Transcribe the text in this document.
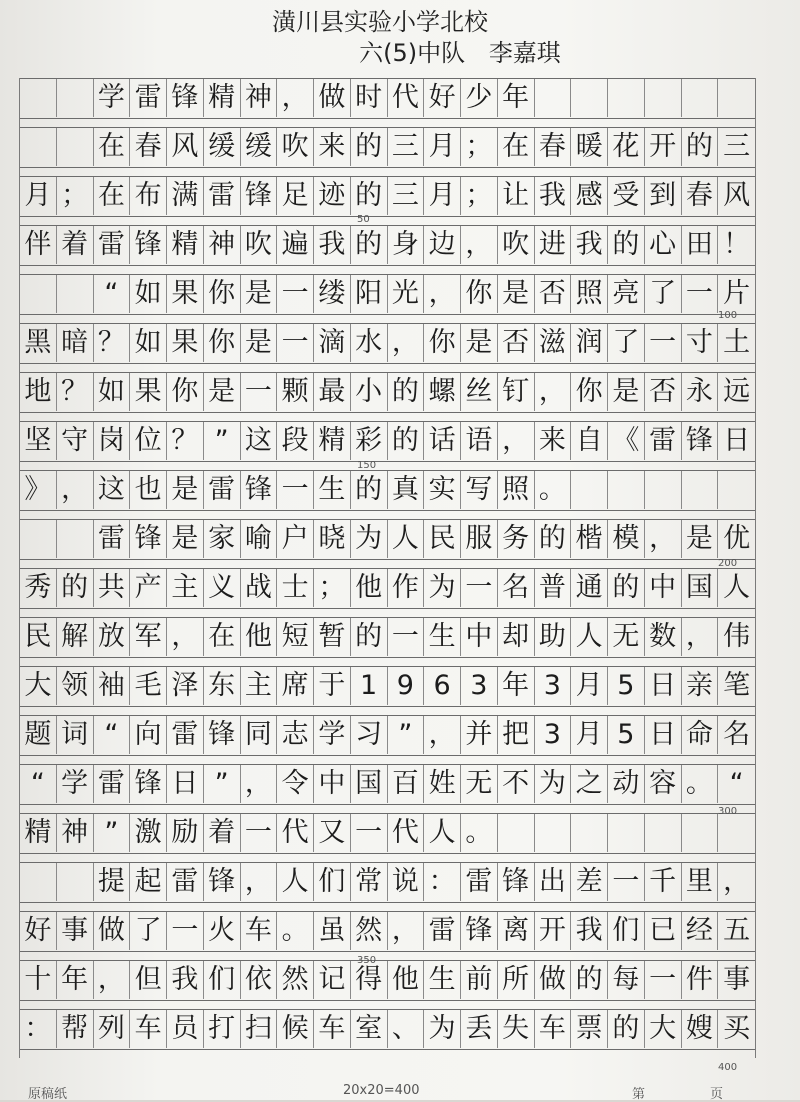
潢川县实验小学北校
六(5)中队 李嘉琪
学 雷 锋 精 神 ， 做 时 代 好 少 年
在 春 风 缓 缓 吹 来 的 三 月 ； 在 春 暖 花 开 的 三
月 ； 在 布 满 雷 锋 足 迹 的 三 月 ； 让 我 感 受 到 春 风
伴 着 雷 锋 精 神 吹 遍 我 的 身 边 ， 吹 进 我 的 心 田 ！
“ 如 果 你 是 一 缕 阳 光 ， 你 是 否 照 亮 了 一 片
黑 暗 ？ 如 果 你 是 一 滴 水 ， 你 是 否 滋 润 了 一 寸 土
地 ？ 如 果 你 是 一 颗 最 小 的 螺 丝 钉 ， 你 是 否 永 远
坚 守 岗 位 ？ ” 这 段 精 彩 的 话 语 ， 来 自 《 雷 锋 日
》 ， 这 也 是 雷 锋 一 生 的 真 实 写 照 。
雷 锋 是 家 喻 户 晓 为 人 民 服 务 的 楷 模 ， 是 优
秀 的 共 产 主 义 战 士 ； 他 作 为 一 名 普 通 的 中 国 人
民 解 放 军 ， 在 他 短 暂 的 一 生 中 却 助 人 无 数 ， 伟
大 领 袖 毛 泽 东 主 席 于 1 9 6 3 年 3 月 5 日 亲 笔
题 词 “ 向 雷 锋 同 志 学 习 ” ， 并 把 3 月 5 日 命 名
“ 学 雷 锋 日 ” ， 令 中 国 百 姓 无 不 为 之 动 容 。 “
精 神 ” 激 励 着 一 代 又 一 代 人 。
提 起 雷 锋 ， 人 们 常 说 ： 雷 锋 出 差 一 千 里 ，
好 事 做 了 一 火 车 。 虽 然 ， 雷 锋 离 开 我 们 已 经 五
十 年 ， 但 我 们 依 然 记 得 他 生 前 所 做 的 每 一 件 事
： 帮 列 车 员 打 扫 候 车 室 、 为 丢 失 车 票 的 大 嫂 买
50
100
150
200
300
350
400
原稿纸	20x20=400	第	页
